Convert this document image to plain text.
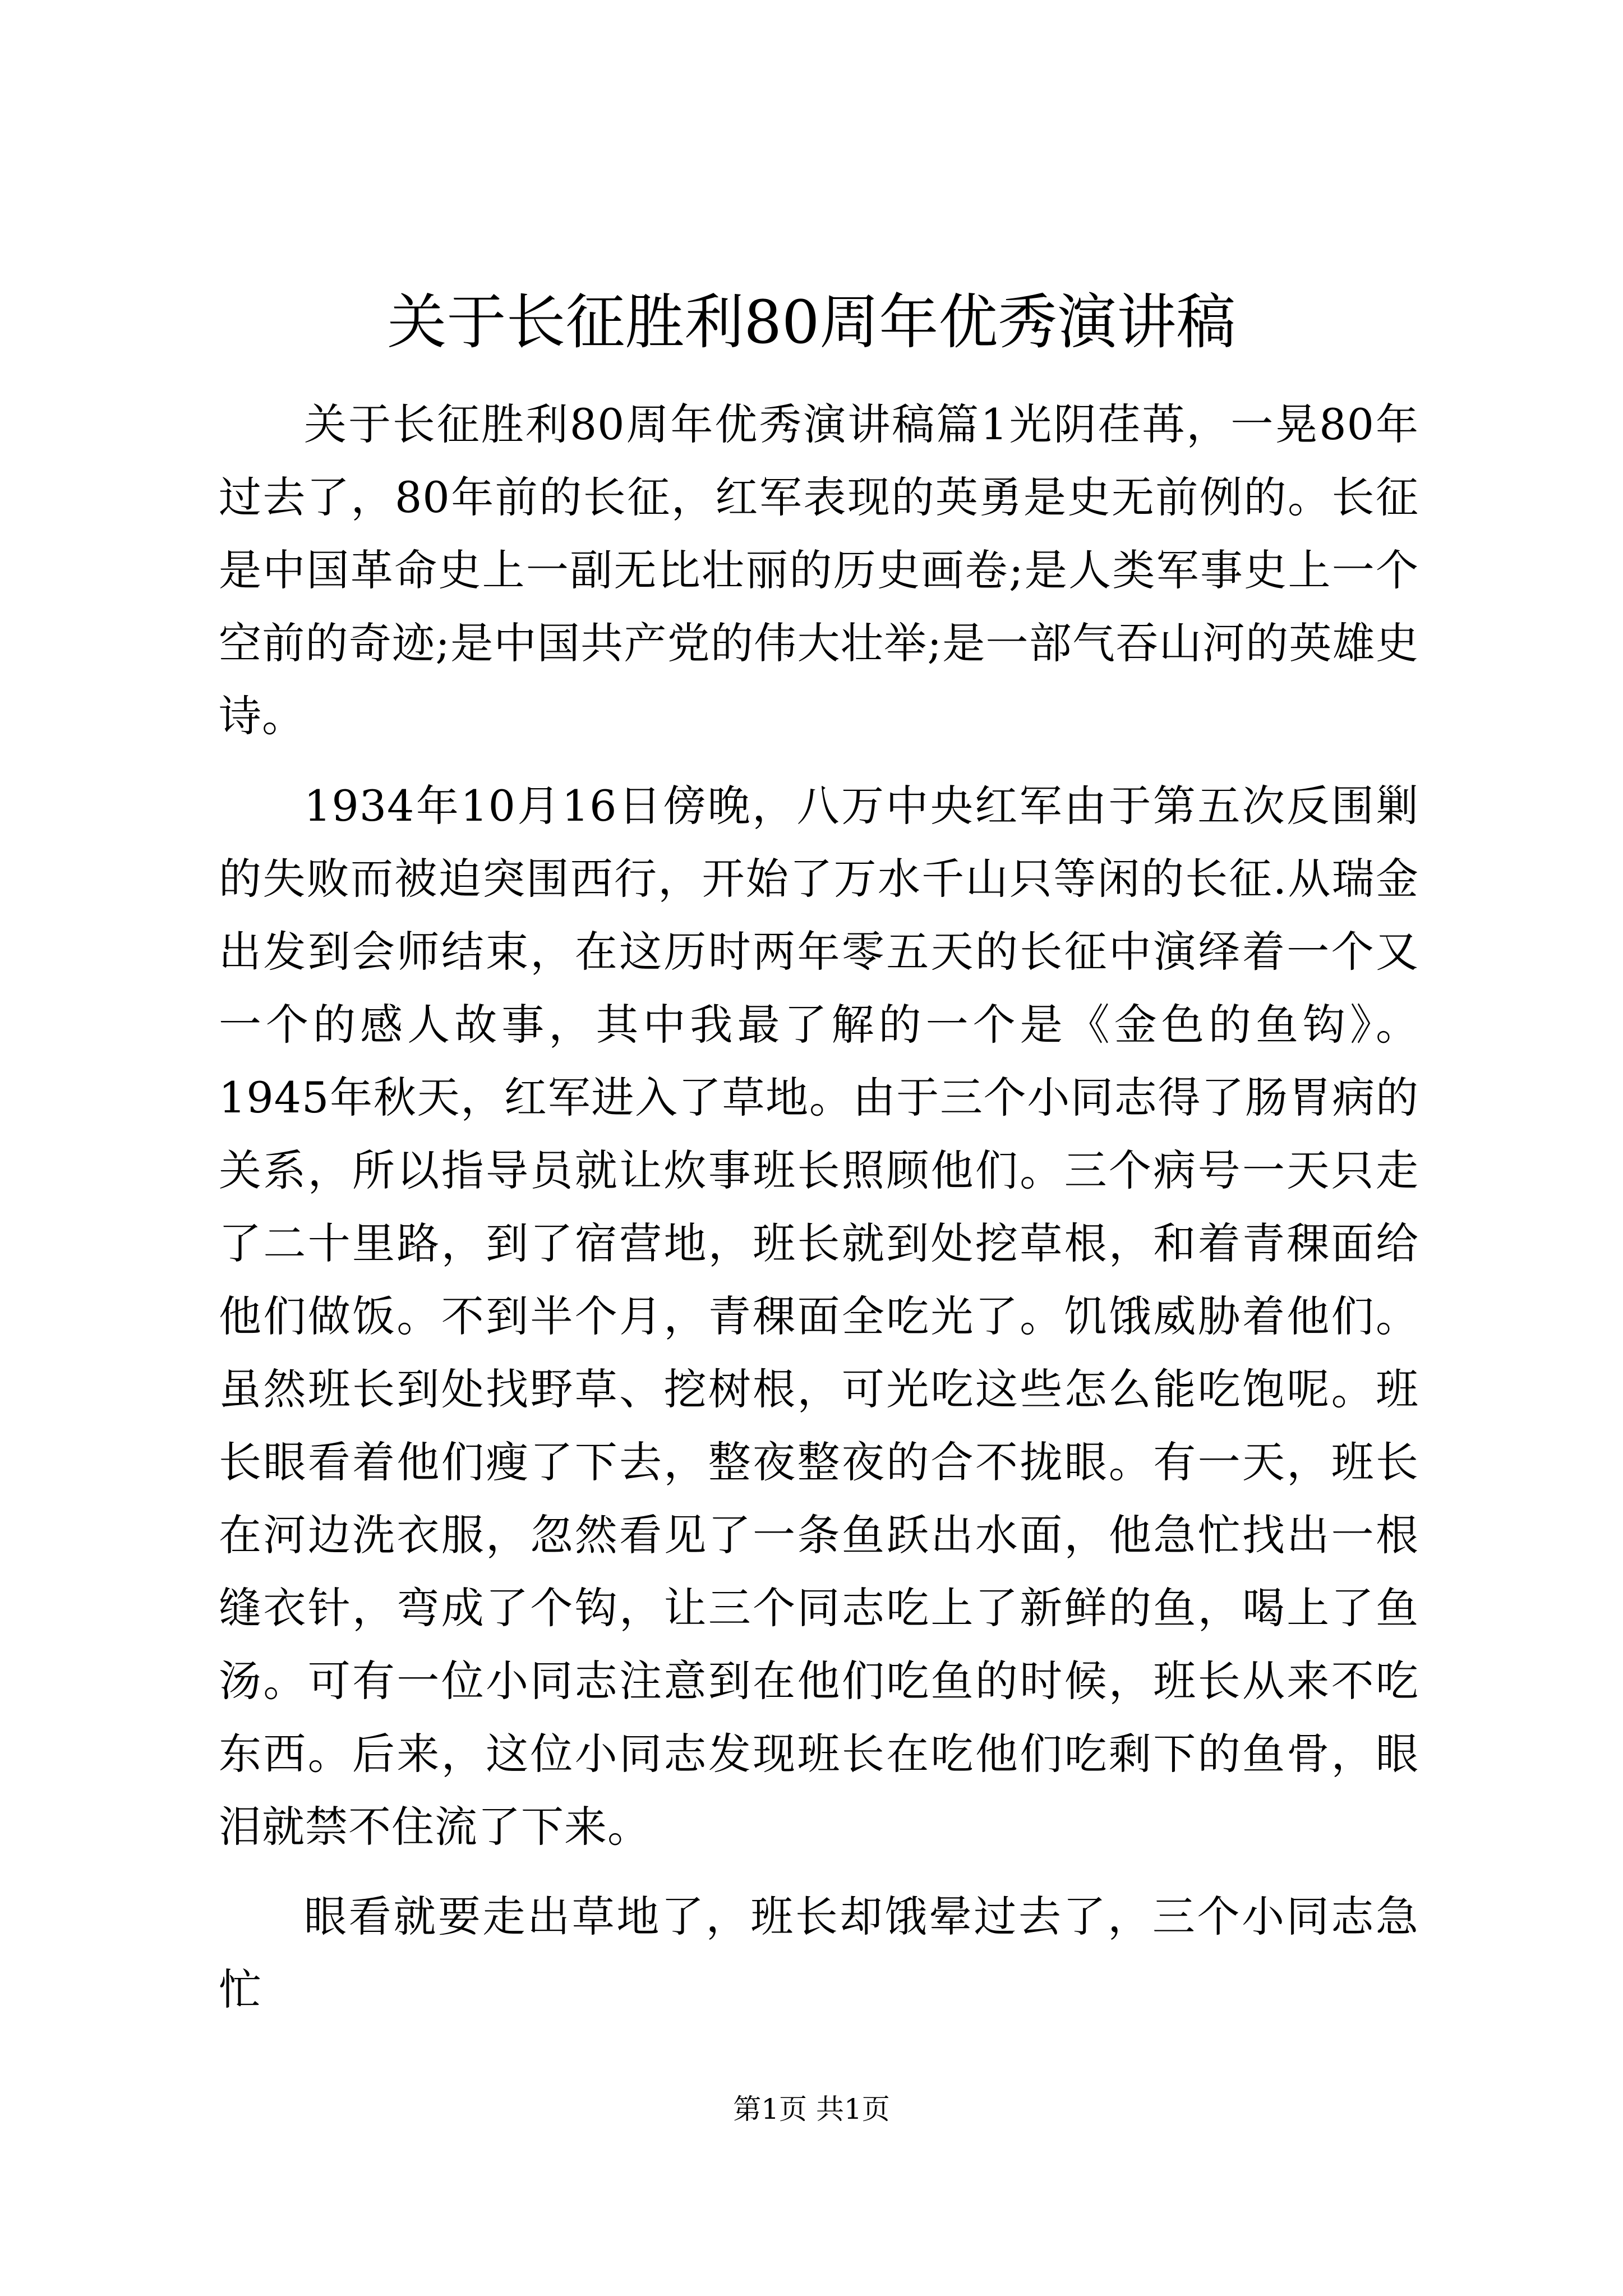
关于长征胜利80周年优秀演讲稿

关于长征胜利80周年优秀演讲稿篇1光阴荏苒，一晃80年过去了，80年前的长征，红军表现的英勇是史无前例的。长征是中国革命史上一副无比壮丽的历史画卷;是人类军事史上一个空前的奇迹;是中国共产党的伟大壮举;是一部气吞山河的英雄史诗。

1934年10月16日傍晚，八万中央红军由于第五次反围剿的失败而被迫突围西行，开始了万水千山只等闲的长征.从瑞金出发到会师结束，在这历时两年零五天的长征中演绎着一个又一个的感人故事，其中我最了解的一个是《金色的鱼钩》。1945年秋天，红军进入了草地。由于三个小同志得了肠胃病的关系，所以指导员就让炊事班长照顾他们。三个病号一天只走了二十里路，到了宿营地，班长就到处挖草根，和着青稞面给他们做饭。不到半个月，青稞面全吃光了。饥饿威胁着他们。虽然班长到处找野草、挖树根，可光吃这些怎么能吃饱呢。班长眼看着他们瘦了下去，整夜整夜的合不拢眼。有一天，班长在河边洗衣服，忽然看见了一条鱼跃出水面，他急忙找出一根缝衣针，弯成了个钩，让三个同志吃上了新鲜的鱼，喝上了鱼汤。可有一位小同志注意到在他们吃鱼的时候，班长从来不吃东西。后来，这位小同志发现班长在吃他们吃剩下的鱼骨，眼泪就禁不住流了下来。

眼看就要走出草地了，班长却饿晕过去了，三个小同志急忙

第1页 共1页
